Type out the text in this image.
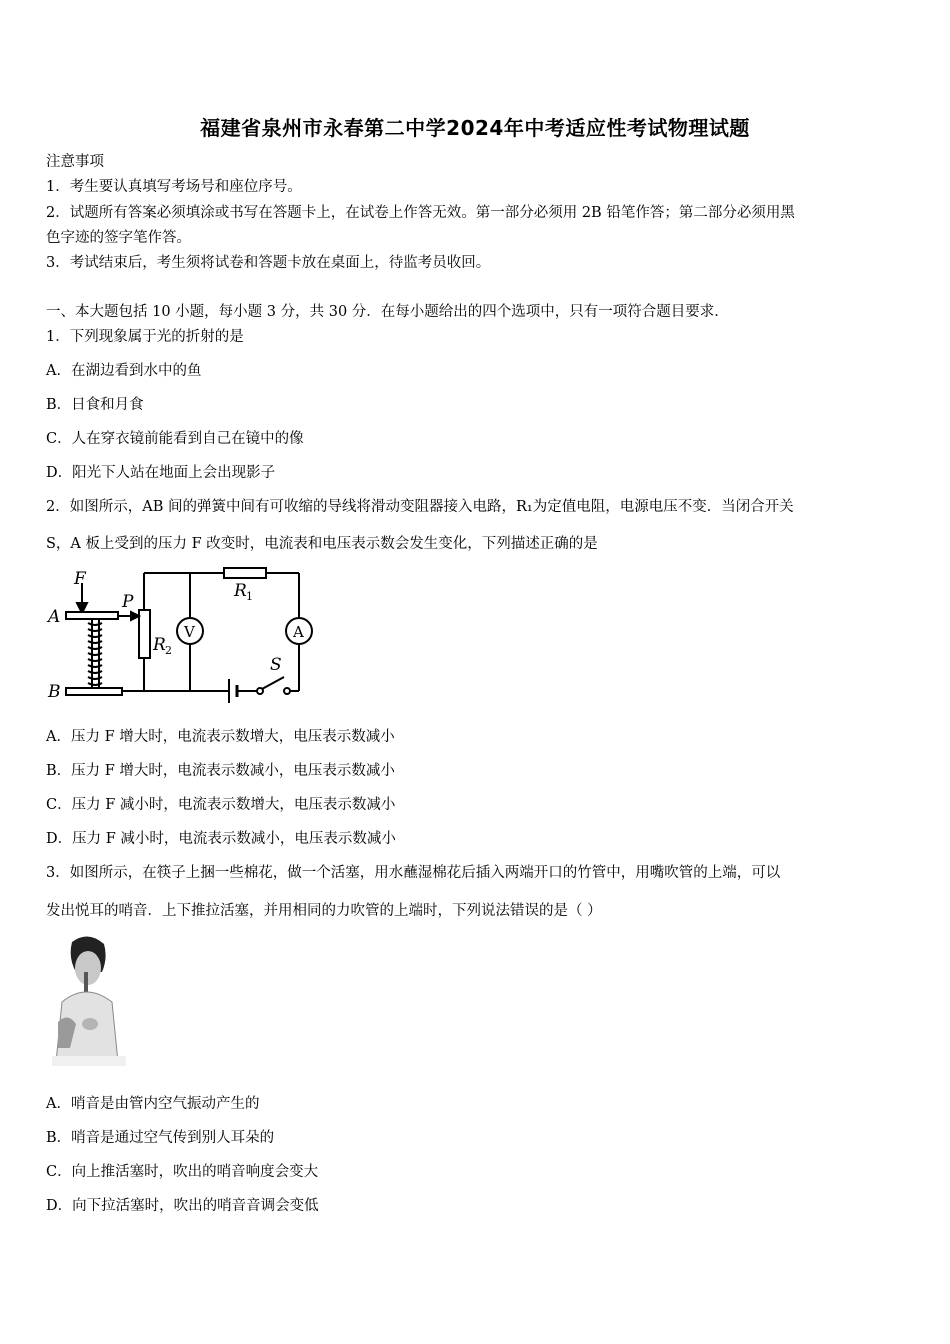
福建省泉州市永春第二中学2024年中考适应性考试物理试题
注意事项
1．考生要认真填写考场号和座位序号。
2．试题所有答案必须填涂或书写在答题卡上，在试卷上作答无效。第一部分必须用 2B 铅笔作答；第二部分必须用黑
色字迹的签字笔作答。
3．考试结束后，考生须将试卷和答题卡放在桌面上，待监考员收回。
一、本大题包括 10 小题，每小题 3 分，共 30 分．在每小题给出的四个选项中，只有一项符合题目要求．
1．下列现象属于光的折射的是
A．在湖边看到水中的鱼
B．日食和月食
C．人在穿衣镜前能看到自己在镜中的像
D．阳光下人站在地面上会出现影子
2．如图所示，AB 间的弹簧中间有可收缩的导线将滑动变阻器接入电路，R₁为定值电阻，电源电压不变．当闭合开关
S，A 板上受到的压力 F 改变时，电流表和电压表示数会发生变化，下列描述正确的是
F
A
B
P
R 1
R 2
V	A
S
A．压力 F 增大时，电流表示数增大，电压表示数减小
B．压力 F 增大时，电流表示数减小，电压表示数减小
C．压力 F 减小时，电流表示数增大，电压表示数减小
D．压力 F 减小时，电流表示数减小，电压表示数减小
3．如图所示，在筷子上捆一些棉花，做一个活塞，用水蘸湿棉花后插入两端开口的竹管中，用嘴吹管的上端，可以
发出悦耳的哨音．上下推拉活塞，并用相同的力吹管的上端时，下列说法错误的是（ ）
A．哨音是由管内空气振动产生的
B．哨音是通过空气传到别人耳朵的
C．向上推活塞时，吹出的哨音响度会变大
D．向下拉活塞时，吹出的哨音音调会变低
